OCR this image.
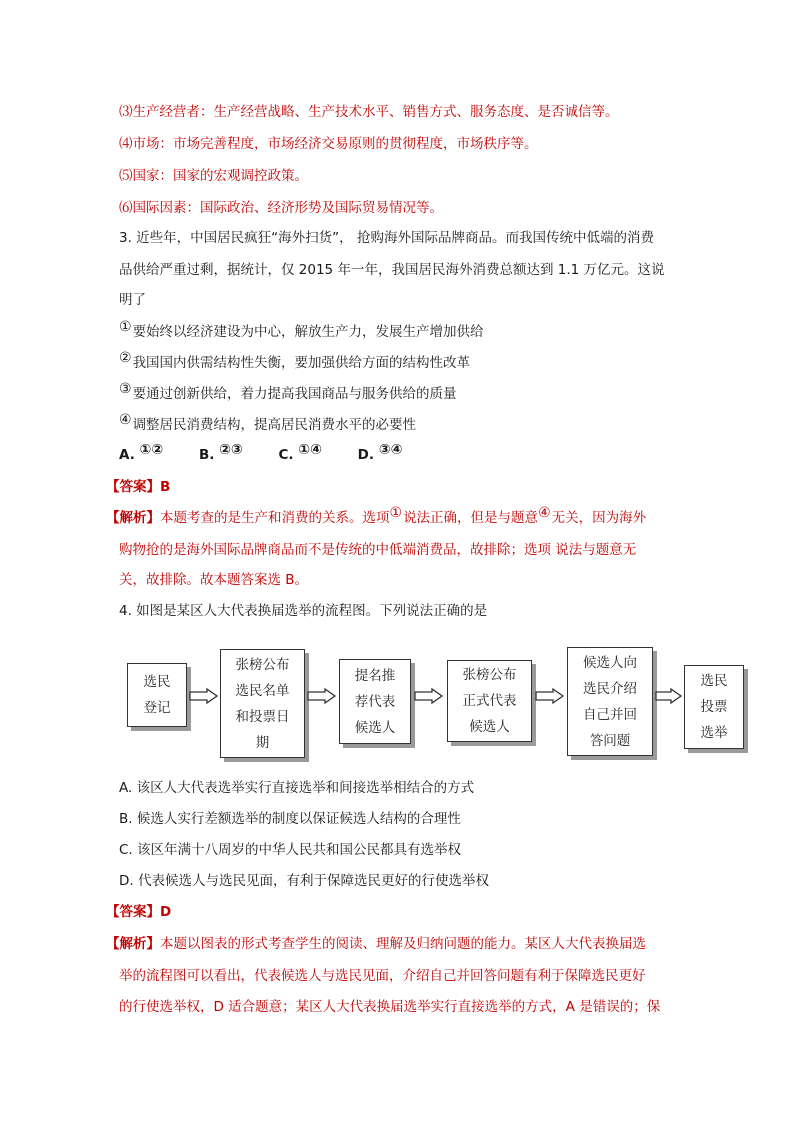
⑶生产经营者：生产经营战略、生产技术水平、销售方式、服务态度、是否诚信等。
⑷市场：市场完善程度，市场经济交易原则的贯彻程度，市场秩序等。
⑸国家：国家的宏观调控政策。
⑹国际因素：国际政治、经济形势及国际贸易情况等。
3. 近些年，中国居民疯狂“海外扫货”， 抢购海外国际品牌商品。而我国传统中低端的消费
品供给严重过剩，据统计，仅 2015 年一年，我国居民海外消费总额达到 1.1 万亿元。这说
明了
①要始终以经济建设为中心，解放生产力，发展生产增加供给
②我国国内供需结构性失衡，要加强供给方面的结构性改革
③要通过创新供给，着力提高我国商品与服务供给的质量
④调整居民消费结构，提高居民消费水平的必要性
A. ①②	B. ②③	C. ①④	D. ③④
【答案】B
【解析】本题考查的是生产和消费的关系。选项①说法正确，但是与题意④无关，因为海外
购物抢的是海外国际品牌商品而不是传统的中低端消费品，故排除；选项 说法与题意无
关，故排除。故本题答案选 B。
4. 如图是某区人大代表换届选举的流程图。下列说法正确的是
选民
登记
张榜公布
选民名单
和投票日
期
提名推
荐代表
候选人
张榜公布
正式代表
候选人
候选人向
选民介绍
自己并回
答问题
选民
投票
选举
A. 该区人大代表选举实行直接选举和间接选举相结合的方式
B. 候选人实行差额选举的制度以保证候选人结构的合理性
C. 该区年满十八周岁的中华人民共和国公民都具有选举权
D. 代表候选人与选民见面，有利于保障选民更好的行使选举权
【答案】D
【解析】本题以图表的形式考查学生的阅读、理解及归纳问题的能力。某区人大代表换届选
举的流程图可以看出，代表候选人与选民见面，介绍自己并回答问题有利于保障选民更好
的行使选举权，D 适合题意；某区人大代表换届选举实行直接选举的方式，A 是错误的；保
